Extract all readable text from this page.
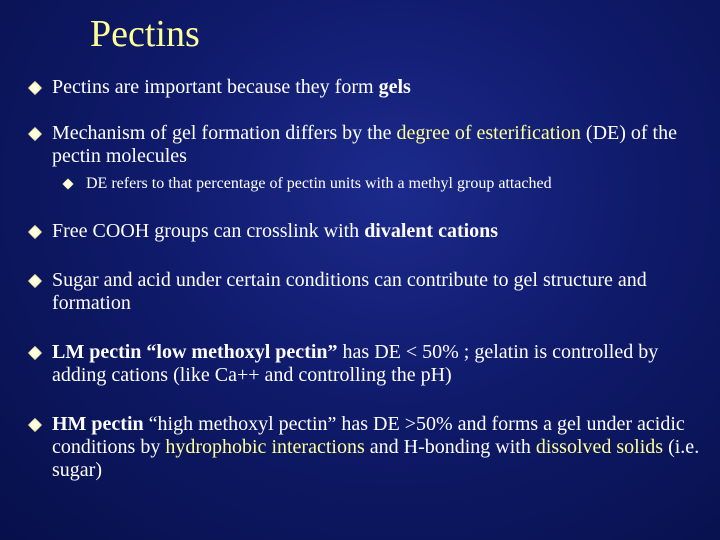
Pectins
Pectins are important because they form gels
Mechanism of gel formation differs by the degree of esterification (DE) of the pectin molecules
DE refers to that percentage of pectin units with a methyl group attached
Free COOH groups can crosslink with divalent cations
Sugar and acid under certain conditions can contribute to gel structure and formation
LM pectin “low methoxyl pectin” has DE < 50% ; gelatin is controlled by adding cations (like Ca++ and controlling the pH)
HM pectin “high methoxyl pectin” has DE >50% and forms a gel under acidic conditions by hydrophobic interactions and H-bonding with dissolved solids (i.e. sugar)
